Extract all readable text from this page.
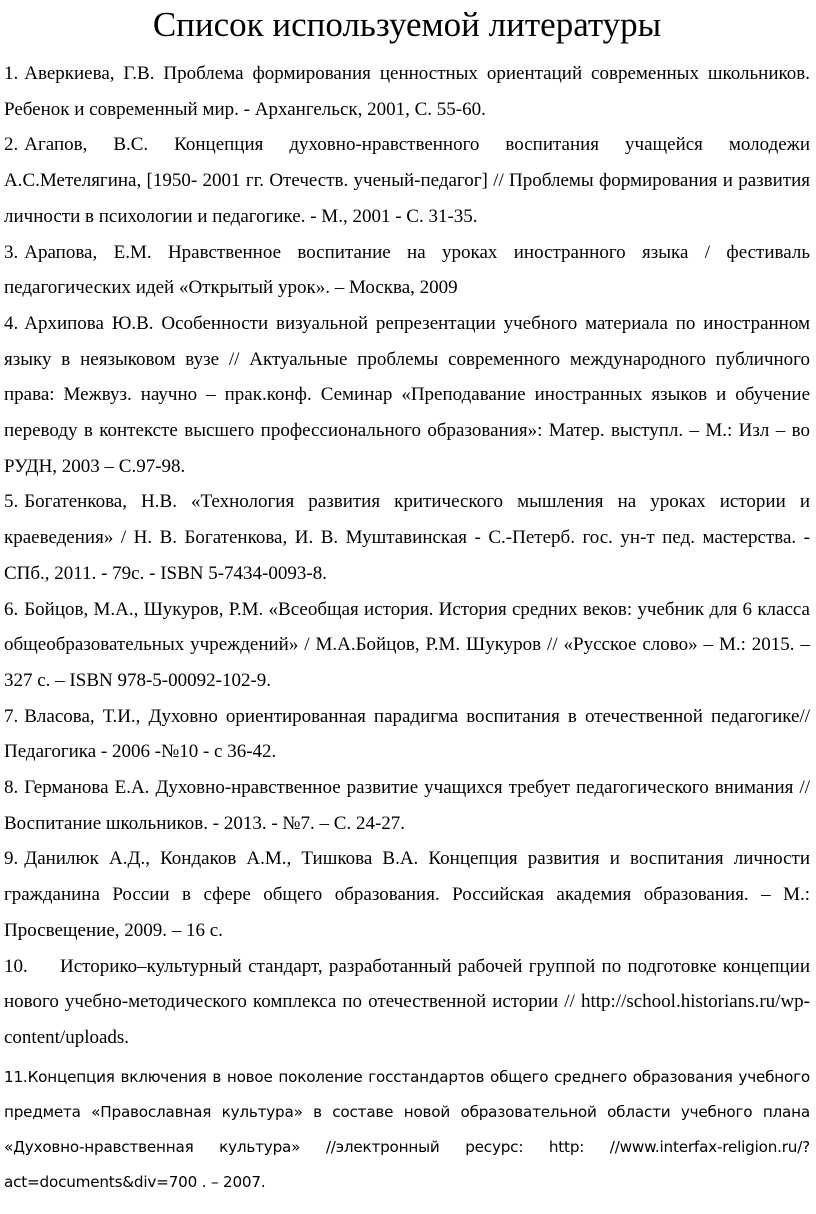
Список используемой литературы
1. Аверкиева, Г.В. Проблема формирования ценностных ориентаций современных школьников. Ребенок и современный мир. - Архангельск, 2001, С. 55-60.
2. Агапов, В.С. Концепция духовно-нравственного воспитания учащейся молодежи А.С.Метелягина, [1950- 2001 гг. Отечеств. ученый-педагог] // Проблемы формирования и развития личности в психологии и педагогике. - М., 2001 - С. 31-35.
3. Арапова, Е.М. Нравственное воспитание на уроках иностранного языка / фестиваль педагогических идей «Открытый урок». – Москва, 2009
4. Архипова Ю.В. Особенности визуальной репрезентации учебного материала по иностранном языку в неязыковом вузе // Актуальные проблемы современного международного публичного права: Межвуз. научно – прак.конф. Семинар «Преподавание иностранных языков и обучение переводу в контексте высшего профессионального образования»: Матер. выступл. – М.: Изл – во РУДН, 2003 – С.97-98.
5. Богатенкова, Н.В. «Технология развития критического мышления на уроках истории и краеведения» / Н. В. Богатенкова, И. В. Муштавинская - С.-Петерб. гос. ун-т пед. мастерства. - СПб., 2011. - 79с. - ISBN 5-7434-0093-8.
6. Бойцов, М.А., Шукуров, Р.М. «Всеобщая история. История средних веков: учебник для 6 класса общеобразовательных учреждений» / М.А.Бойцов, Р.М. Шукуров // «Русское слово» – М.: 2015. – 327 с. – ISBN 978-5-00092-102-9.
7. Власова, Т.И., Духовно ориентированная парадигма воспитания в отечественной педагогике// Педагогика - 2006 -№10 - с 36-42.
8. Германова Е.А. Духовно-нравственное развитие учащихся требует педагогического внимания // Воспитание школьников. - 2013. - №7. – С. 24-27.
9. Данилюк А.Д., Кондаков А.М., Тишкова В.А. Концепция развития и воспитания личности гражданина России в сфере общего образования. Российская академия образования. – М.: Просвещение, 2009. – 16 с.
10. Историко–культурный стандарт, разработанный рабочей группой по подготовке концепции нового учебно-методического комплекса по отечественной истории // http://school.historians.ru/wp-content/uploads.
11.Концепция включения в новое поколение госстандартов общего среднего образования учебного предмета «Православная культура» в составе новой образовательной области учебного плана «Духовно-нравственная культура» //электронный ресурс: http: //www.interfax-religion.ru/?act=documents&div=700 . – 2007.
